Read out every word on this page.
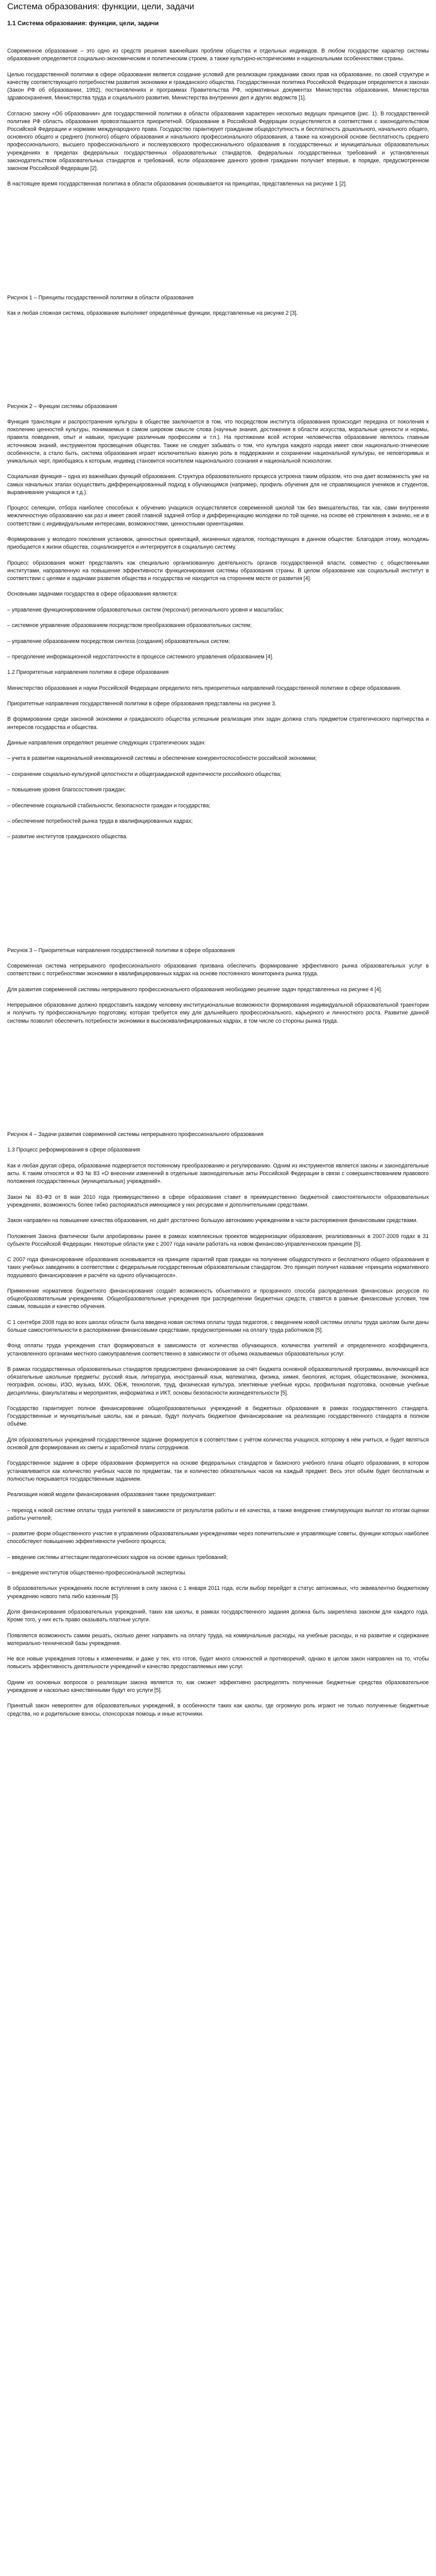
Система образования: функции, цели, задачи
1.1 Система образования: функции, цели, задачи

Современное образование – это одно из средств решения важнейших проблем общества и отдельных индивидов. В любом государстве характер системы образования определяется социально-экономическим и политическим строем, а также культурно-историческими и национальными особенностями страны.

Целью государственной политики в сфере образования является создание условий для реализации гражданами своих прав на образование, по своей структуре и качеству соответствующего потребностям развития экономики и гражданского общества. Государственная политика Российской Федерации определяется в законах (Закон РФ об образовании, 1992), постановлениях и программах Правительства РФ, нормативных документах Министерства образования, Министерства здравоохранения, Министерства труда и социального развития, Министерства внутренних дел и других ведомств [1].

Согласно закону «Об образовании» для государственной политики в области образования характерен несколько ведущих принципов (рис. 1). В государственной политике РФ область образования провозглашается приоритетной. Образование в Российской Федерации осуществляется в соответствии с законодательством Российской Федерации и нормами международного права. Государство гарантирует гражданам общедоступность и бесплатность дошкольного, начального общего, основного общего и среднего (полного) общего образования и начального профессионального образования, а также на конкурсной основе бесплатность среднего профессионального, высшего профессионального и послевузовского профессионального образования в государственных и муниципальных образовательных учреждениях в пределах федеральных государственных образовательных стандартов, федеральных государственных требований и установленных законодательством образовательных стандартов и требований, если образование данного уровня гражданин получает впервые, в порядке, предусмотренном законом Российской Федерации [2].

В настоящее время государственная политика в области образования основывается на принципах, представленных на рисунке 1 [2].

Рисунок 1 – Принципы государственной политики в области образования

Как и любая сложная система, образование выполняет определённые функции, представленные на рисунке 2 [3].

Рисунок 2 – Функции системы образования

Функция трансляции и распространения культуры в обществе заключается в том, что посредством института образования происходит передача от поколения к поколению ценностей культуры, понимаемых в самом широком смысле слова (научные знания, достижения в области искусства, моральные ценности и нормы, правила поведения, опыт и навыки, присущие различным профессиям и т.п.). На протяжении всей истории человечества образование являлось главным источником знаний, инструментом просвещения общества. Также не следует забывать о том, что культура каждого народа имеет свои национально-этнические особенности, а стало быть, система образования играет исключительно важную роль в поддержании и сохранении национальной культуры, ее неповторимых и уникальных черт, приобщаясь к которым, индивид становится носителем национального сознания и национальной психологии.

Социальная функция – одна из важнейших функций образования. Структура образовательного процесса устроена таким образом, что она дает возможность уже на самых начальных этапах осуществить дифференцированный подход к обучающимся (например, профиль обучения для не справляющихся учеников и студентов, выравнивание учащихся и т.д.).

Процесс селекции, отбора наиболее способных к обучению учащихся осуществляется современной школой так без вмешательства, так как, сами внутренняя межличностную образованию как раз и имеет своей главной задачей отбор и дифференциацию молодежи по той оценке, на основе её стремления к знанию, не и в соответствии с индивидуальными интересами, возможностями, ценностными ориентациями.

Формирование у молодого поколения установок, ценностных ориентаций, жизненных идеалов, господствующих в данном обществе. Благодаря этому, молодежь приобщается к жизни общества, социализируется и интегрируется в социальную систему.

Процесс образования может представлять как специально организованную деятельность органов государственной власти, совместно с общественными институтами, направленную на повышение эффективности функционирования системы образования страны. В целом образование как социальный институт в соответствии с целями и задачами развития общества и государства не находится на стороннем месте от развития [4].

Основными задачами государства в сфере образования являются:

– управление функционированием образовательных систем (персонал) регионального уровня и масштабах;

– системное управление образованием посредством преобразования образовательных систем;

– управление образованием посредством синтеза (создания) образовательных систем;

– преодоление информационной недостаточности в процессе системного управления образованием [4].

1.2 Приоритетные направления политики в сфере образования

Министерство образования и науки Российской Федерации определило пять приоритетных направлений государственной политики в сфере образования.

Приоритетные направления государственной политики в сфере образования представлены на рисунке 3.

В формировании среди законной экономики и гражданского общества успешным реализация этих задач должна стать предметом стратегического партнерства и интересов государства и общества.

Данные направления определяют решение следующих стратегических задач:

– учета в развитии национальной инновационной системы и обеспечение конкурентоспособности российской экономики;

– сохранение социально-культурной целостности и общегражданской идентичности российского общества;

– повышение уровня благосостояния граждан;

– обеспечение социальной стабильности; безопасности граждан и государства;

– обеспечение потребностей рынка труда в квалифицированных кадрах;

– развитие институтов гражданского общества.

Рисунок 3 – Приоритетные направления государственной политики в сфере образования

Современная система непрерывного профессионального образования призвана обеспечить формирование эффективного рынка образовательных услуг в соответствии с потребностями экономики в квалифицированных кадрах на основе постоянного мониторинга рынка труда.

Для развития современной системы непрерывного профессионального образования необходимо решение задач представленных на рисунке 4 [4].

Непрерывное образование должно предоставить каждому человеку институциональные возможности формирования индивидуальной образовательной траектории и получить ту профессиональную подготовку, которая требуется ему для дальнейшего профессионального, карьерного и личностного роста. Развитие данной системы позволит обеспечить потребности экономики в высококвалифицированных кадрах, в том числе со стороны рынка труда.

Рисунок 4 – Задачи развития современной системы непрерывного профессионального образования

1.3 Процесс реформирования в сфере образования

Как и любая другая сфера, образование подвергается постоянному преобразованию и регулированию. Одним из инструментов является законы и законодательные акты. К таким относятся и ФЗ № 83 «О внесении изменений в отдельные законодательные акты Российской Федерации в связи с совершенствованием правового положения государственных (муниципальных) учреждений».

Закон № 83-ФЗ от 8 мая 2010 года преимущественно в сфере образования ставит в преимущественно бюджетной самостоятельности образовательных учреждениях, возможность более гибко распоряжаться имеющимся у них ресурсами и дополнительными средствами.

Закон направлен на повышение качества образования, но даёт достаточно большую автономию учреждениям в части распоряжения финансовыми средствами.

Положения Закона фактически были апробированы ранее в рамках комплексных проектов модернизации образования, реализованных в 2007-2009 годах в 31 субъекте Российской Федерации. Некоторые области уже с 2007 года начали работать на новом финансово-управленческом принципе [5].

С 2007 года финансирование образования основывается на принципе гарантий прав граждан на получение общедоступного и бесплатного общего образования в таких учебных заведениях в соответствии с федеральным государственным образовательным стандартом. Это принцип получил название «принципа нормативного подушевого финансирования и расчёте на одного обучающегося».

Применение нормативов бюджетного финансирования создаёт возможность объективного и прозрачного способа распределения финансовых ресурсов по общеобразовательным учреждениям. Общеобразовательные учреждения при распределении бюджетных средств, ставятся в равные финансовые условия, тем самым, повышая и качество обучения.

С 1 сентября 2008 года во всех школах области была введена новая система оплаты труда педагогов, с введением новой системы оплаты труда школам были даны больше самостоятельности в распоряжении финансовыми средствами, предусмотренными на оплату труда работников [5].

Фонд оплаты труда учреждения стал формироваться в зависимости от количества обучающихся, количества учителей и определенного коэффициента, установленного органами местного самоуправления соответственно в зависимости от объема оказываемых образовательных услуг.

В рамках государственных образовательных стандартов предусмотрено финансирование за счёт бюджета основной образовательной программы, включающей все обязательные школьные предметы: русский язык, литература, иностранный язык, математика, физика, химия, биология, история, обществознание, экономика, география, основы, ИЗО, музыка, МХК, ОБЖ, технология, труд, физическая культура, элективные учебные курсы, профильная подготовка, основные учебные дисциплины, факультативы и мероприятия, информатика и ИКТ, основы безопасности жизнедеятельности [5].

Государство гарантирует полное финансирование общеобразовательных учреждений в бюджетных образования в рамках государственного стандарта. Государственные и муниципальные школы, как и раньше, будут получать бюджетное финансирование на реализацию государственного стандарта в полном объёме.

Для образовательных учреждений государственное задание формируется в соответствии с учётом количества учащихся, которому в нём учиться, и будет являться основой для формирования их сметы и заработной платы сотрудников.

Государственное задание в сфере образования формируется на основе федеральных стандартов и базисного учебного плана общего образования, в котором устанавливается как количество учебных часов по предметам, так и количество обязательных часов на каждый предмет. Весь этот объём будет бесплатным и полностью покрывается государственным заданием.

Реализация новой модели финансирования образования также предусматривает:

– переход к новой системе оплаты труда учителей в зависимости от результатов работы и её качества, а также внедрение стимулирующих выплат по итогам оценки работы учителей;

– развитие форм общественного участия в управлении образовательными учреждениями через попечительские и управляющие советы, функции которых наиболее способствуют повышению эффективности учебного процесса;

– введение системы аттестации педагогических кадров на основе единых требований;

– внедрение институтов общественно-профессиональной экспертизы.

В образовательных учреждениях после вступления в силу закона с 1 января 2011 года, если выбор перейдет в статус автономных, что эквивалентно бюджетному учреждению нового типа либо казенным [5].

Доля финансирования образовательных учреждений, таких как школы, в рамках государственного задания должна быть закреплена законом для каждого года. Кроме того, у них есть право оказывать платные услуги.

Появляется возможность самим решать, сколько денег направить на оплату труда, на коммунальные расходы, на учебные расходы, и на развитие и содержание материально-технической базы учреждения.

Не все новые учреждения готовы к изменениям, и даже у тех, кто готов, будет много сложностей и противоречий, однако в целом закон направлен на то, чтобы повысить эффективность деятельности учреждений и качество предоставляемых ими услуг.

Одним из основных вопросов о реализации закона является то, как сможет эффективно распределять полученные бюджетные средства образовательное учреждение и насколько качественными будут его услуги [5].

Принятый закон невероятен для образовательных учреждений, в особенности таких как школы, где огромную роль играют не только полученные бюджетные средства, но и родительские взносы, спонсорская помощь и иные источники.
